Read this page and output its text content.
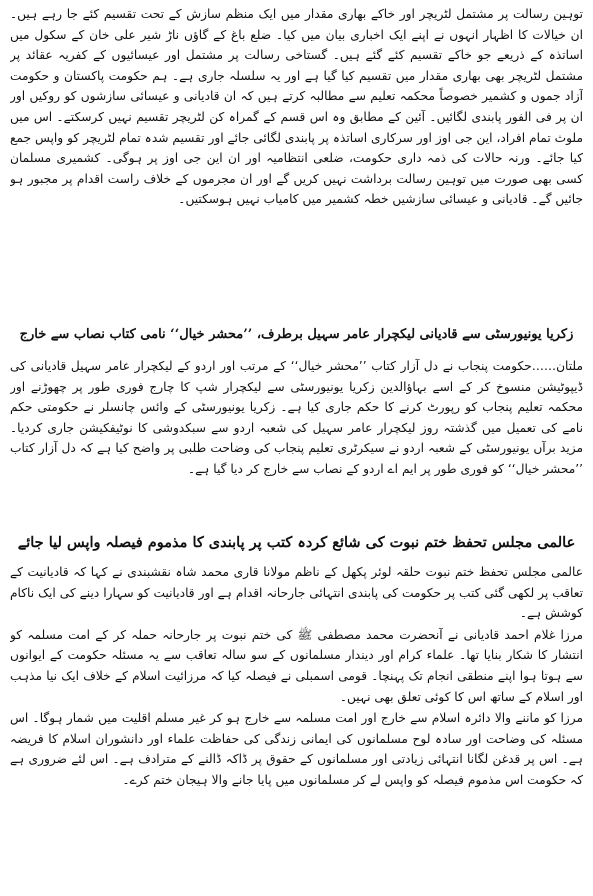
توہین رسالت پر مشتمل لٹریچر اور خاکے بھاری مقدار میں ایک منظم سازش کے تحت تقسیم کئے جا رہے ہیں۔ ان خیالات کا اظہار انہوں نے اپنے ایک اخباری بیان میں کیا۔ ضلع باغ کے گاؤں ناڑ شیر علی خان کے سکول میں اساتذہ کے ذریعے جو خاکے تقسیم کئے گئے ہیں۔ گستاخی رسالت پر مشتمل اور عیسائیوں کے کفریہ عقائد پر مشتمل لٹریچر بھی بھاری مقدار میں تقسیم کیا گیا ہے اور یہ سلسلہ جاری ہے۔ ہم حکومت پاکستان و حکومت آزاد جموں و کشمیر خصوصاً محکمہ تعلیم سے مطالبہ کرتے ہیں کہ ان قادیانی و عیسائی سازشوں کو روکیں اور ان پر فی الفور پابندی لگائیں۔ آئین کے مطابق وہ اس قسم کے گمراہ کن لٹریچر تقسیم نہیں کرسکتے۔ اس میں ملوث تمام افراد، این جی اوز اور سرکاری اساتذہ پر پابندی لگائی جائے اور تقسیم شدہ تمام لٹریچر کو واپس جمع کیا جائے۔ ورنہ حالات کی ذمہ داری حکومت، ضلعی انتظامیہ اور ان این جی اوز پر ہوگی۔ کشمیری مسلمان کسی بھی صورت میں توہین رسالت برداشت نہیں کریں گے اور ان مجرموں کے خلاف راست اقدام پر مجبور ہو جائیں گے۔ قادیانی و عیسائی سازشیں خطہ کشمیر میں کامیاب نہیں ہوسکتیں۔

زکریا یونیورسٹی سے قادیانی لیکچرار عامر سہیل برطرف، ’’محشر خیال‘‘ نامی کتاب نصاب سے خارج

ملتان……حکومت پنجاب نے دل آزار کتاب ’’محشر خیال‘‘ کے مرتب اور اردو کے لیکچرار عامر سہیل قادیانی کی ڈیپوٹیشن منسوخ کر کے اسے بہاؤالدین زکریا یونیورسٹی سے لیکچرار شپ کا چارج فوری طور پر چھوڑنے اور محکمہ تعلیم پنجاب کو رپورٹ کرنے کا حکم جاری کیا ہے۔ زکریا یونیورسٹی کے وائس چانسلر نے حکومتی حکم نامے کی تعمیل میں گذشتہ روز لیکچرار عامر سہیل کی شعبہ اردو سے سبکدوشی کا نوٹیفکیشن جاری کردیا۔ مزید برآں یونیورسٹی کے شعبہ اردو نے سیکرٹری تعلیم پنجاب کی وضاحت طلبی پر واضح کیا ہے کہ دل آزار کتاب ’’محشر خیال‘‘ کو فوری طور پر ایم اے اردو کے نصاب سے خارج کر دیا گیا ہے۔

عالمی مجلس تحفظ ختم نبوت کی شائع کردہ کتب پر پابندی کا مذموم فیصلہ واپس لیا جائے

عالمی مجلس تحفظ ختم نبوت حلقہ لوئر پکھل کے ناظم مولانا قاری محمد شاہ نقشبندی نے کہا کہ قادیانیت کے تعاقب پر لکھی گئی کتب پر حکومت کی پابندی انتہائی جارحانہ اقدام ہے اور قادیانیت کو سہارا دینے کی ایک ناکام کوشش ہے۔

مرزا غلام احمد قادیانی نے آنحضرت محمد مصطفی ﷺ کی ختم نبوت پر جارحانہ حملہ کر کے امت مسلمہ کو انتشار کا شکار بنایا تھا۔ علماء کرام اور دیندار مسلمانوں کے سو سالہ تعاقب سے یہ مسئلہ حکومت کے ایوانوں سے ہوتا ہوا اپنے منطقی انجام تک پہنچا۔ قومی اسمبلی نے فیصلہ کیا کہ مرزائیت اسلام کے خلاف ایک نیا مذہب اور اسلام کے ساتھ اس کا کوئی تعلق بھی نہیں۔

مرزا کو ماننے والا دائرہ اسلام سے خارج اور امت مسلمہ سے خارج ہو کر غیر مسلم اقلیت میں شمار ہوگا۔ اس مسئلہ کی وضاحت اور سادہ لوح مسلمانوں کی ایمانی زندگی کی حفاظت علماء اور دانشوران اسلام کا فریضہ ہے۔ اس پر قدغن لگانا انتہائی زیادتی اور مسلمانوں کے حقوق پر ڈاکہ ڈالنے کے مترادف ہے۔ اس لئے ضروری ہے کہ حکومت اس مذموم فیصلہ کو واپس لے کر مسلمانوں میں پایا جانے والا ہیجان ختم کرے۔
